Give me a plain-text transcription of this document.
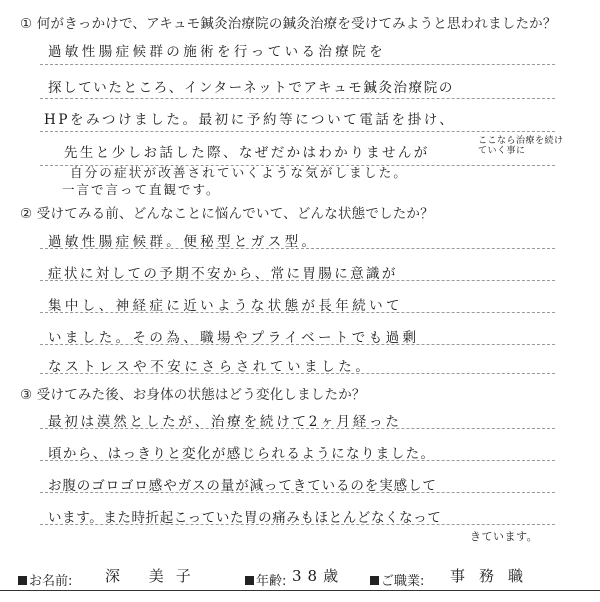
① 何がきっかけで、アキュモ鍼灸治療院の鍼灸治療を受けてみようと思われましたか？
過敏性腸症候群の施術を行っている治療院を
探していたところ、インターネットでアキュモ鍼灸治療院の
HPをみつけました。最初に予約等について電話を掛け、
先生と少しお話した際、なぜだかはわかりませんが
ここなら治療を続けていく事に
自分の症状が改善されていくような気がしました。
一言で言って直観です。
② 受けてみる前、どんなことに悩んでいて、どんな状態でしたか？
過敏性腸症候群。便秘型とガス型。
症状に対しての予期不安から、常に胃腸に意識が
集中し、神経症に近いような状態が長年続いて
いました。その為、職場やプライベートでも過剰
なストレスや不安にさらされていました。
③ 受けてみた後、お身体の状態はどう変化しましたか？
最初は漠然としたが、治療を続けて2ヶ月経った
頃から、はっきりと変化が感じられるようになりました。
お腹のゴロゴロ感やガスの量が減ってきているのを実感して
います。また時折起こっていた胃の痛みもほとんどなくなって
きています。
お名前: 深 美子	年齢: 38歳	ご職業: 事務職
